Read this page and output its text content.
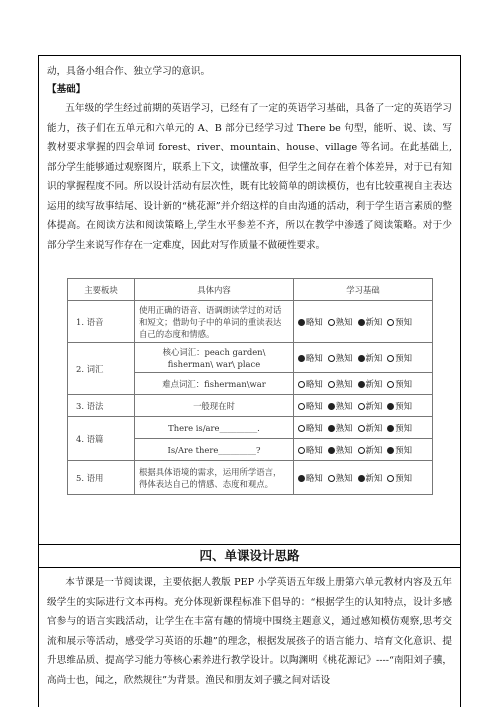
动，具备小组合作、独立学习的意识。

【基础】

五年级的学生经过前期的英语学习，已经有了一定的英语学习基础，具备了一定的英语学习能力，孩子们在五单元和六单元的 A、B 部分已经学习过 There be 句型，能听、说、读、写教材要求掌握的四会单词 forest、river、mountain、house、village 等名词。在此基础上,部分学生能够通过观察图片，联系上下文，读懂故事，但学生之间存在着个体差异，对于已有知识的掌握程度不同。所以设计活动有层次性，既有比较简单的朗读模仿，也有比较重视自主表达运用的续写故事结尾、设计新的“桃花源”并介绍这样的自由沟通的活动，利于学生语言素质的整体提高。在阅读方法和阅读策略上,学生水平参差不齐，所以在教学中渗透了阅读策略。对于少部分学生来说写作存在一定难度，因此对写作质量不做硬性要求。

主要板块	具体内容	学习基础
1. 语音	使用正确的语音、语调朗读学过的对话和短文；借助句子中的单词的重读表达自己的态度和情感。	略知 熟知 新知 预知
2. 词汇	核心词汇：peach garden\ fisherman\ war\ place	略知 熟知 新知 预知
	难点词汇：fisherman\war	略知 熟知 新知 预知
3. 语法	一般现在时	略知 熟知 新知 预知
4. 语篇	There is/are_________.	略知 熟知 新知 预知
	Is/Are there_________?	略知 熟知 新知 预知
5. 语用	根据具体语境的需求，运用所学语言，得体表达自己的情感、态度和观点。	略知 熟知 新知 预知
四、单课设计思路

本节课是一节阅读课，主要依据人教版 PEP 小学英语五年级上册第六单元教材内容及五年级学生的实际进行文本再构。充分体现新课程标准下倡导的：“根据学生的认知特点，设计多感官参与的语言实践活动，让学生在丰富有趣的情境中围绕主题意义，通过感知模仿观察,思考交流和展示等活动，感受学习英语的乐趣”的理念，根据发展孩子的语言能力、培育文化意识、提升思维品质、提高学习能力等核心素养进行教学设计。以陶渊明《桃花源记》----“南阳刘子骥，高尚士也，闻之，欣然规往”为背景。渔民和朋友刘子骥之间对话设
